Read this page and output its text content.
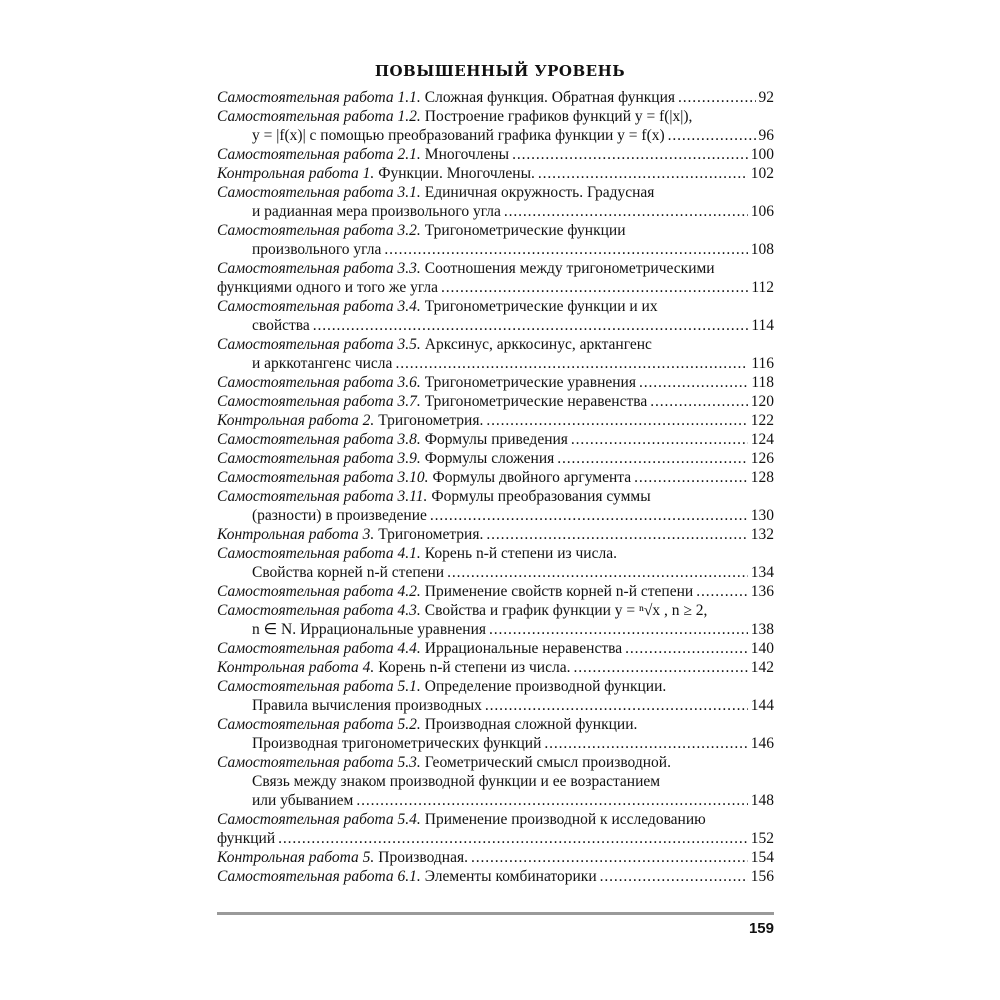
ПОВЫШЕННЫЙ УРОВЕНЬ
Самостоятельная работа 1.1. Сложная функция. Обратная функция . . .	92
Самостоятельная работа 1.2. Построение графиков функций y = f(|x|),
y = |f(x)| с помощью преобразований графика функции y = f(x) . . .	96
Самостоятельная работа 2.1. Многочлены . . .	100
Контрольная работа 1. Функции. Многочлены. . . .	102
Самостоятельная работа 3.1. Единичная окружность. Градусная
и радианная мера произвольного угла . . .	106
Самостоятельная работа 3.2. Тригонометрические функции
произвольного угла . . .	108
Самостоятельная работа 3.3. Соотношения между тригонометрическими
функциями одного и того же угла . . .	112
Самостоятельная работа 3.4. Тригонометрические функции и их
свойства . . .	114
Самостоятельная работа 3.5. Арксинус, арккосинус, арктангенс
и арккотангенс числа . . .	116
Самостоятельная работа 3.6. Тригонометрические уравнения . . .	118
Самостоятельная работа 3.7. Тригонометрические неравенства . . .	120
Контрольная работа 2. Тригонометрия. . . .	122
Самостоятельная работа 3.8. Формулы приведения . . .	124
Самостоятельная работа 3.9. Формулы сложения . . .	126
Самостоятельная работа 3.10. Формулы двойного аргумента . . .	128
Самостоятельная работа 3.11. Формулы преобразования суммы
(разности) в произведение . . .	130
Контрольная работа 3. Тригонометрия. . . .	132
Самостоятельная работа 4.1. Корень n-й степени из числа.
Свойства корней n-й степени . . .	134
Самостоятельная работа 4.2. Применение свойств корней n-й степени . . .	136
Самостоятельная работа 4.3. Свойства и график функции y = ⁿ√x , n ≥ 2,
n ∈ N. Иррациональные уравнения . . .	138
Самостоятельная работа 4.4. Иррациональные неравенства . . .	140
Контрольная работа 4. Корень n-й степени из числа. . . .	142
Самостоятельная работа 5.1. Определение производной функции.
Правила вычисления производных . . .	144
Самостоятельная работа 5.2. Производная сложной функции.
Производная тригонометрических функций . . .	146
Самостоятельная работа 5.3. Геометрический смысл производной.
Связь между знаком производной функции и ее возрастанием
или убыванием . . .	148
Самостоятельная работа 5.4. Применение производной к исследованию
функций . . .	152
Контрольная работа 5. Производная. . . .	154
Самостоятельная работа 6.1. Элементы комбинаторики . . .	156
159
